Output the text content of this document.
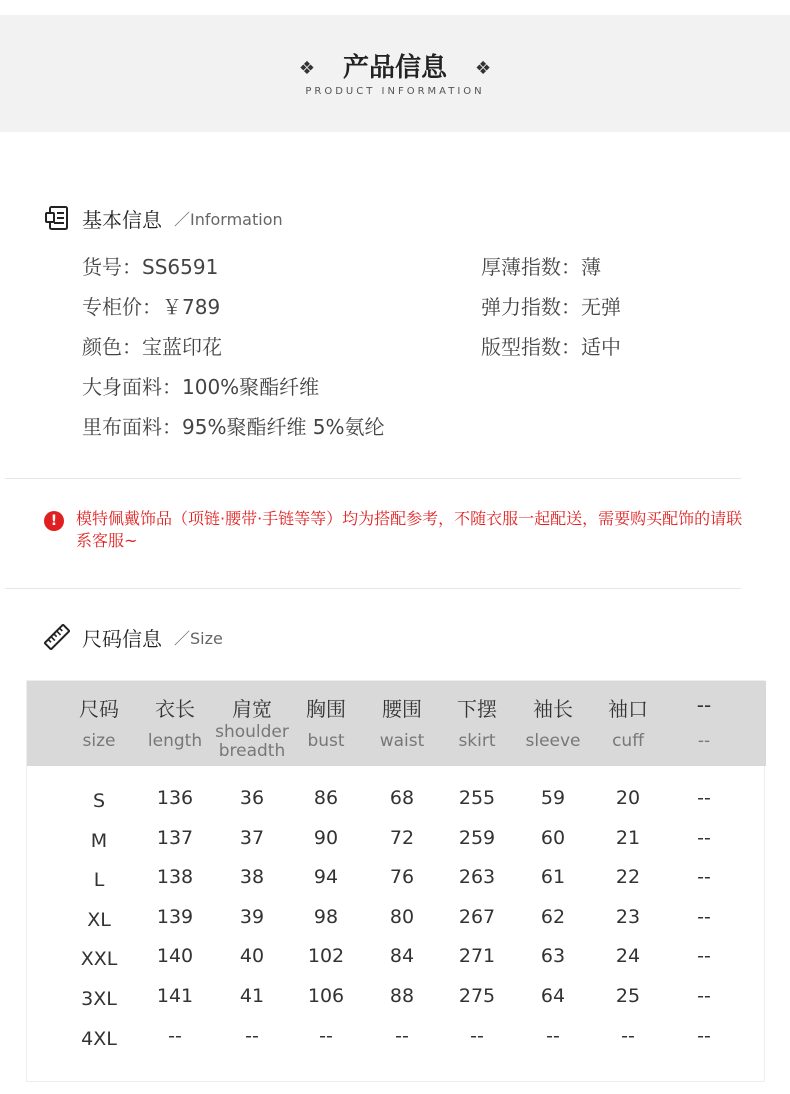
❖ 产品信息 ❖
PRODUCT INFORMATION
基本信息 ／Information
货号：SS6591
专柜价：￥789
颜色：宝蓝印花
大身面料：100%聚酯纤维
里布面料：95%聚酯纤维 5%氨纶
厚薄指数：薄
弹力指数：无弹
版型指数：适中
!	模特佩戴饰品（项链·腰带·手链等等）均为搭配参考，不随衣服一起配送，需要购买配饰的请联系客服~
尺码信息 ／Size
尺码	衣长	肩宽	胸围	腰围	下摆	袖长	袖口	--
size	length shoulder breadth	bust	waist	skirt	sleeve	cuff	--
S	136	36	86	68	255	59	20	--
M	137	37	90	72	259	60	21	--
L	138	38	94	76	263	61	22	--
XL	139	39	98	80	267	62	23	--
XXL	140	40	102	84	271	63	24	--
3XL	141	41	106	88	275	64	25	--
4XL	--	--	--	--	--	--	--	--
